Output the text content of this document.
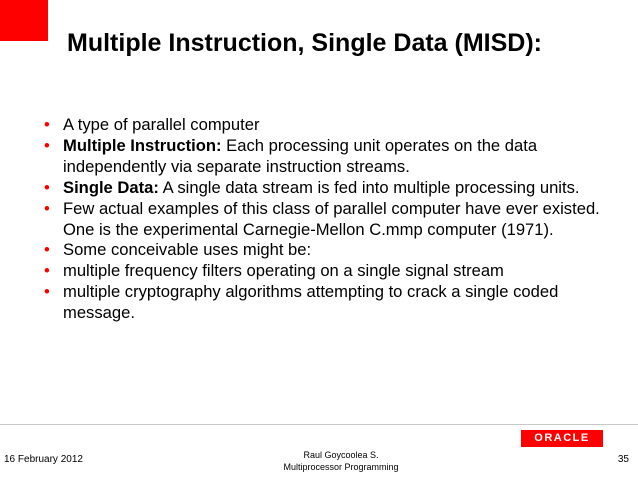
Multiple Instruction, Single Data (MISD):
• A type of parallel computer
• Multiple Instruction: Each processing unit operates on the data independently via separate instruction streams.
• Single Data: A single data stream is fed into multiple processing units.
• Few actual examples of this class of parallel computer have ever existed. One is the experimental Carnegie-Mellon C.mmp computer (1971).
• Some conceivable uses might be:
• multiple frequency filters operating on a single signal stream
• multiple cryptography algorithms attempting to crack a single coded message.
ORACLE
16 February 2012	Raul Goycoolea S.
Multiprocessor Programming
35
